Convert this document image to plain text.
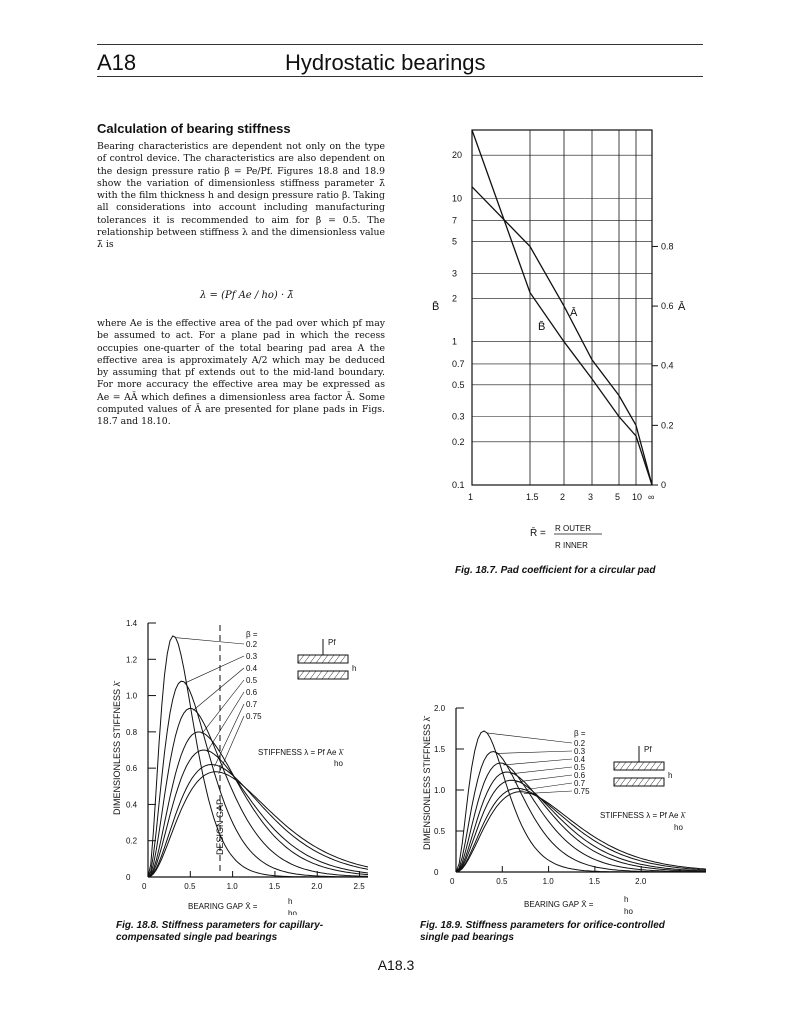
A18	Hydrostatic bearings
Calculation of bearing stiffness
Bearing characteristics are dependent not only on the type of control device. The characteristics are also dependent on the design pressure ratio β = Pe/Pf. Figures 18.8 and 18.9 show the variation of dimensionless stiffness parameter λ̄ with the film thickness h and design pressure ratio β. Taking all considerations into account including manufacturing tolerances it is recommended to aim for β = 0.5. The relationship between stiffness λ and the dimensionless value λ̄ is
λ = (Pf Ae / ho) · λ̄
where Ae is the effective area of the pad over which pf may be assumed to act. For a plane pad in which the recess occupies one-quarter of the total bearing pad area A the effective area is approximately A/2 which may be deduced by assuming that pf extends out to the mid-land boundary. For more accuracy the effective area may be expressed as Ae = AĀ which defines a dimensionless area factor Ā. Some computed values of Ā are presented for plane pads in Figs. 18.7 and 18.10.
20
10
7
5
3
2
1
0.7
0.5
0.3
0.2
0.1
0.8
0.6
0.4
0.2
0
1	1.5 2	3 5 10 ∞
B̄	Ā
B̄
Ā
R̄ = R OUTER
R INNER
Fig. 18.7. Pad coefficient for a circular pad
1.4
1.2
1.0
0.8
0.6
0.4
0.2
0
0	0.5	1.0	1.5	2.0	2.5
DESIGN GAP
DIMENSIONLESS STIFFNESS λ̄
β =
0.2
0.3
0.4
0.5
0.6
0.7
0.75
Pf
h
STIFFNESS λ = Pf Ae λ̄
ho
BEARING GAP X̄ =
h
ho
Fig. 18.8. Stiffness parameters for capillary-
compensated single pad bearings
2.0
1.5
1.0
0.5
0
0	0.5	1.0	1.5	2.0
DIMENSIONLESS STIFFNESS λ̄	β =
0.2
0.3
0.4
0.5
0.6
0.7
0.75
Pf
h
STIFFNESS λ = Pf Ae λ̄
ho
BEARING GAP X̄ =
h
ho
Fig. 18.9. Stiffness parameters for orifice-controlled
single pad bearings
A18.3
